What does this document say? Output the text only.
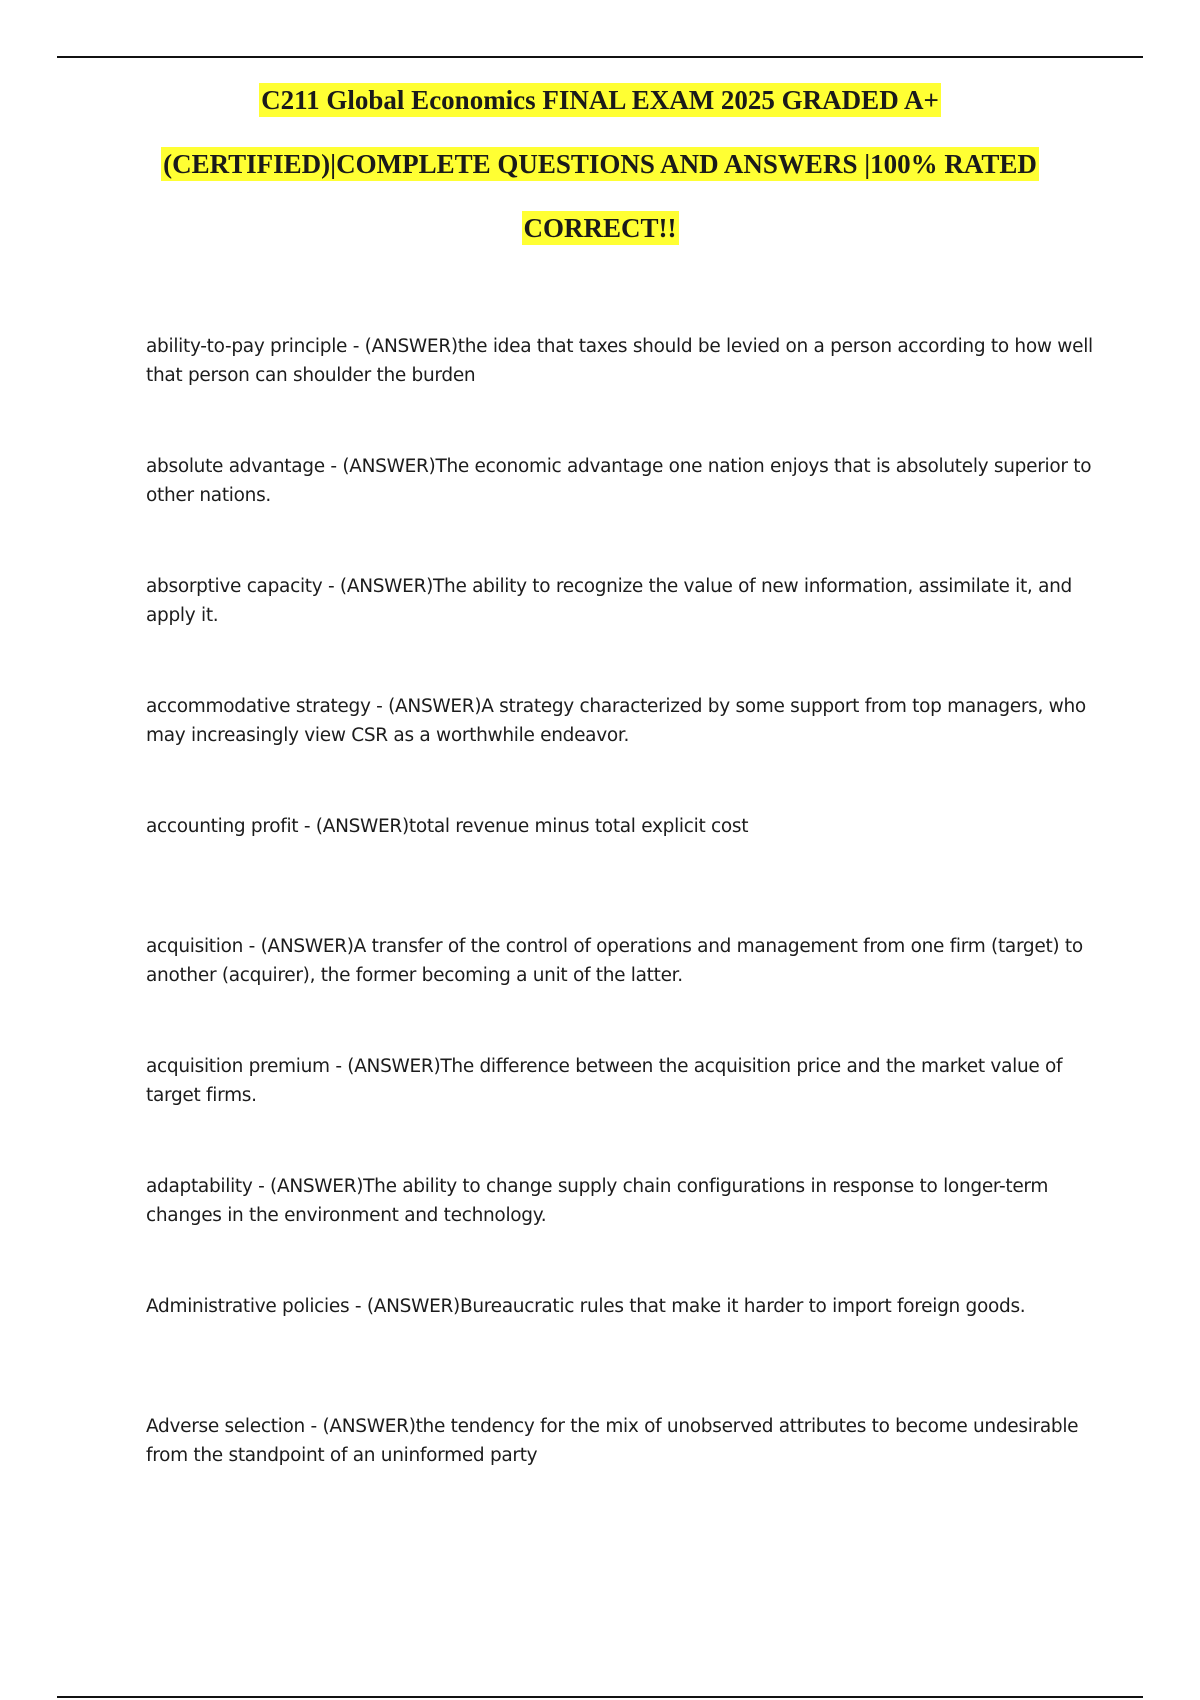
C211 Global Economics FINAL EXAM 2025 GRADED A+
(CERTIFIED)|COMPLETE QUESTIONS AND ANSWERS |100% RATED
CORRECT!!
ability-to-pay principle - (ANSWER)the idea that taxes should be levied on a person according to how well that person can shoulder the burden
absolute advantage - (ANSWER)The economic advantage one nation enjoys that is absolutely superior to other nations.
absorptive capacity - (ANSWER)The ability to recognize the value of new information, assimilate it, and apply it.
accommodative strategy - (ANSWER)A strategy characterized by some support from top managers, who may increasingly view CSR as a worthwhile endeavor.
accounting profit - (ANSWER)total revenue minus total explicit cost
acquisition - (ANSWER)A transfer of the control of operations and management from one firm (target) to another (acquirer), the former becoming a unit of the latter.
acquisition premium - (ANSWER)The difference between the acquisition price and the market value of target firms.
adaptability - (ANSWER)The ability to change supply chain configurations in response to longer-term changes in the environment and technology.
Administrative policies - (ANSWER)Bureaucratic rules that make it harder to import foreign goods.
Adverse selection - (ANSWER)the tendency for the mix of unobserved attributes to become undesirable from the standpoint of an uninformed party
